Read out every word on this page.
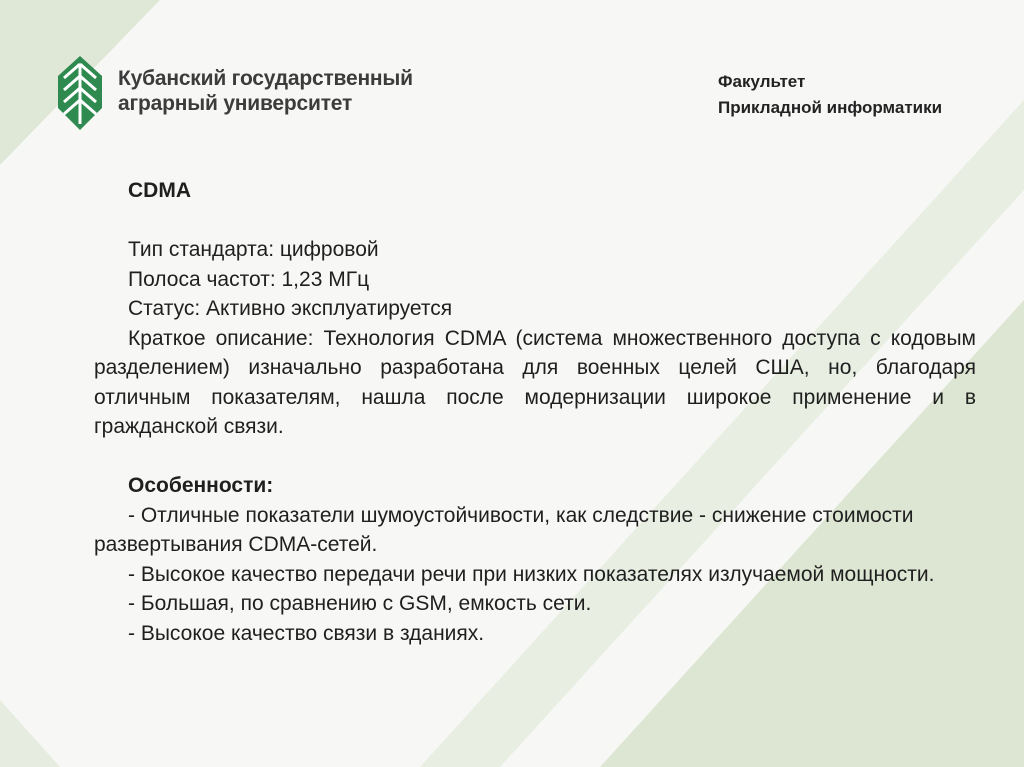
Кубанский государственный
аграрный университет
Факультет
Прикладной информатики
CDMA
Тип стандарта: цифровой
Полоса частот: 1,23 МГц
Статус: Активно эксплуатируется
Краткое описание: Технология CDMA (система множественного доступа с кодовым разделением) изначально разработана для военных целей США, но, благодаря отличным показателям, нашла после модернизации широкое применение и в гражданской связи.
Особенности:
- Отличные показатели шумоустойчивости, как следствие - снижение стоимости развертывания CDMA-сетей.
- Высокое качество передачи речи при низких показателях излучаемой мощности.
- Большая, по сравнению с GSM, емкость сети.
- Высокое качество связи в зданиях.
